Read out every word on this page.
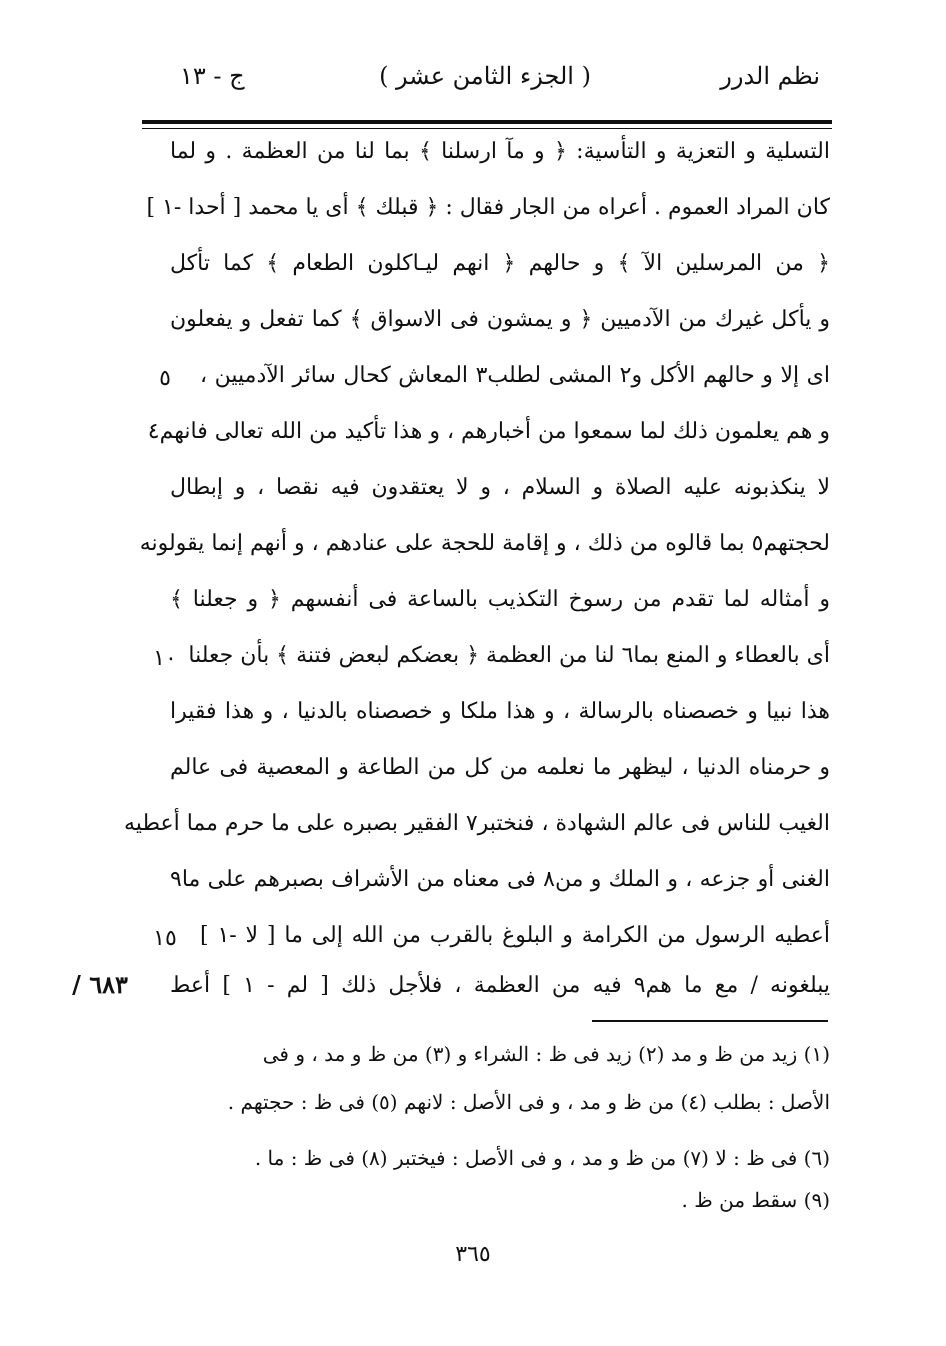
نظم الدرر
( الجزء الثامن عشر )
ج - ١٣
التسلية و التعزية و التأسية: ﴿ و مآ ارسلنا ﴾ بما لنا من العظمة . و لما
كان المراد العموم . أعراه من الجار فقال : ﴿ قبلك ﴾ أى يا محمد [ أحدا -١ ]
﴿ من المرسلين الآ ﴾ و حالهم ﴿ انهم ليـاكلون الطعام ﴾ كما تأكل
و يأكل غيرك من الآدميين ﴿ و يمشون فى الاسواق ﴾ كما تفعل و يفعلون
اى إلا و حالهم الأكل و٢ المشى لطلب٣ المعاش كحال سائر الآدميين ،
و هم يعلمون ذلك لما سمعوا من أخبارهم ، و هذا تأكيد من الله تعالى فانهم٤
لا ينكذبونه عليه الصلاة و السلام ، و لا يعتقدون فيه نقصا ، و إبطال
لحجتهم٥ بما قالوه من ذلك ، و إقامة للحجة على عنادهم ، و أنهم إنما يقولونه
و أمثاله لما تقدم من رسوخ التكذيب بالساعة فى أنفسهم ﴿ و جعلنا ﴾
أى بالعطاء و المنع بما٦ لنا من العظمة ﴿ بعضكم لبعض فتنة ﴾ بأن جعلنا
هذا نبيا و خصصناه بالرسالة ، و هذا ملكا و خصصناه بالدنيا ، و هذا فقيرا
و حرمناه الدنيا ، ليظهر ما نعلمه من كل من الطاعة و المعصية فى عالم
الغيب للناس فى عالم الشهادة ، فنختبر٧ الفقير بصبره على ما حرم مما أعطيه
الغنى أو جزعه ، و الملك و من٨ فى معناه من الأشراف بصبرهم على ما٩
أعطيه الرسول من الكرامة و البلوغ بالقرب من الله إلى ما [ لا -١ ]
يبلغونه / مع ما هم٩ فيه من العظمة ، فلأجل ذلك [ لم - ١ ] أعط
٥
١٠
١٥
٦٨٣ /
(١) زيد من ظ و مد (٢) زيد فى ظ : الشراء و (٣) من ظ و مد ، و فى
الأصل : بطلب (٤) من ظ و مد ، و فى الأصل : لانهم (٥) فى ظ : حجتهم .
(٦) فى ظ : لا (٧) من ظ و مد ، و فى الأصل : فيختبر (٨) فى ظ : ما .
(٩) سقط من ظ .
٣٦٥
